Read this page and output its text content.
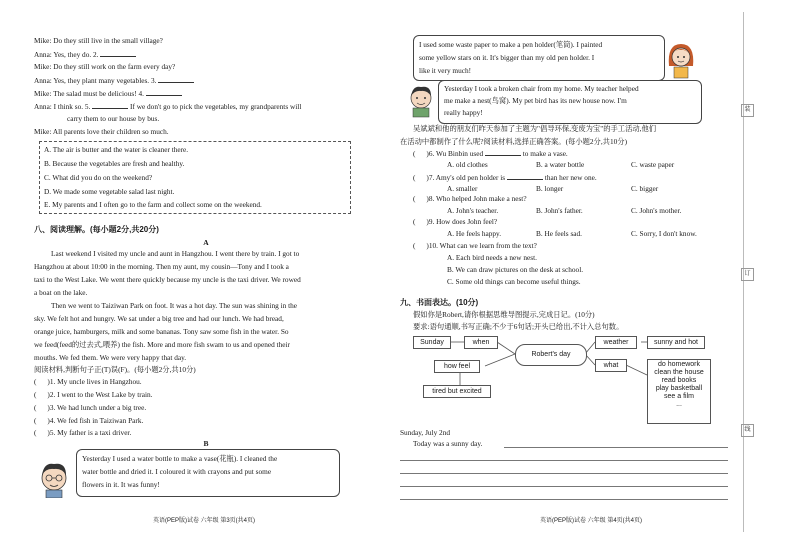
Mike: Do they still live in the small village?
Anna: Yes, they do. 2.
Mike: Do they still work on the farm every day?
Anna: Yes, they plant many vegetables. 3.
Mike: The salad must be delicious! 4.
Anna: I think so. 5.	If we don't go to pick the vegetables, my grandparents will
carry them to our house by bus.
Mike: All parents love their children so much.
A. The air is butter and the water is cleaner there.
B. Because the vegetables are fresh and healthy.
C. What did you do on the weekend?
D. We made some vegetable salad last night.
E. My parents and I often go to the farm and collect some on the weekend.
八、阅读理解。(每小题2分,共20分)
A
Last weekend I visited my uncle and aunt in Hangzhou. I went there by train. I got to
Hangzhou at about 10:00 in the morning. Then my aunt, my cousin—Tony and I took a
taxi to the West Lake. We went there quickly because my uncle is the taxi driver. We rowed
a boat on the lake.
Then we went to Taiziwan Park on foot. It was a hot day. The sun was shining in the
sky. We felt hot and hungry. We sat under a big tree and had our lunch. We had bread,
orange juice, hamburgers, milk and some bananas. Tony saw some fish in the water. So
we feed(feed的过去式,喂养) the fish. More and more fish swam to us and opened their
mouths. We fed them. We were very happy that day.
阅读材料,判断句子正(T)误(F)。(每小题2分,共10分)
(      )1. My uncle lives in Hangzhou.
(      )2. I went to the West Lake by train.
(      )3. We had lunch under a big tree.
(      )4. We fed fish in Taiziwan Park.
(      )5. My father is a taxi driver.
B
Yesterday I used a water bottle to make a vase(花瓶). I cleaned the
water bottle and dried it. I coloured it with crayons and put some
flowers in it. It was funny!
英语(PEP版)试卷 六年级 第3页(共4页)
I used some waste paper to make a pen holder(笔筒). I painted
some yellow stars on it. It's bigger than my old pen holder. I
like it very much!
Yesterday I took a broken chair from my home. My teacher helped
me make a nest(鸟窝). My pet bird has its new house now. I'm
really happy!
吴斌斌和他的朋友们昨天参加了主题为"倡导环保,变废为宝"的手工活动,他们
在活动中都制作了什么呢?阅读材料,选择正确答案。(每小题2分,共10分)
(      )6. Wu Binbin used	to make a vase.
A. old clothes	B. a water bottle	C. waste paper
(      )7. Amy's old pen holder is	than her new one.
A. smaller	B. longer	C. bigger
(      )8. Who helped John make a nest?
A. John's teacher.	B. John's father.	C. John's mother.
(      )9. How does John feel?
A. He feels happy.	B. He feels sad.	C. Sorry, I don't know.
(      )10. What can we learn from the text?
A. Each bird needs a new nest.
B. We can draw pictures on the desk at school.
C. Some old things can become useful things.
九、书面表达。(10分)
假如你是Robert,请你根据思维导图提示,完成日记。(10分)
要求:语句通顺,书写正确;不少于6句话;开头已给出,不计入总句数。
Sunday	when
Robert's day
weather	sunny and hot
how feel
tired but excited
what	do homework
clean the house
read books
play basketball
see a film
...
Sunday, July 2nd
Today was a sunny day.
英语(PEP版)试卷 六年级 第4页(共4页)
装
订
线
